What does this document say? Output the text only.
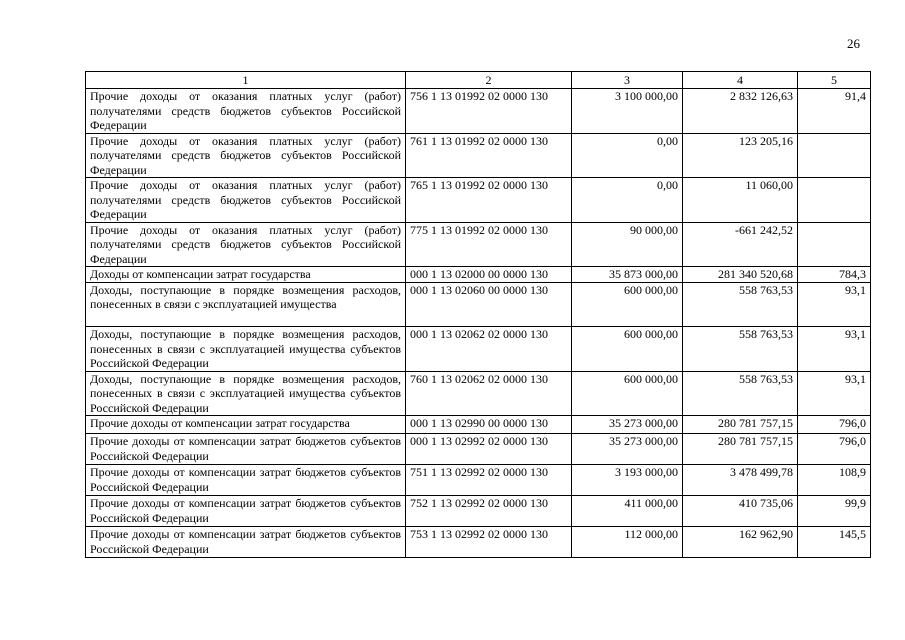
26
1	2	3	4	5
Прочие доходы от оказания платных услуг (работ) получателями средств бюджетов субъектов Российской Федерации	756 1 13 01992 02 0000 130	3 100 000,00	2 832 126,63	91,4
Прочие доходы от оказания платных услуг (работ) получателями средств бюджетов субъектов Российской Федерации	761 1 13 01992 02 0000 130	0,00	123 205,16	
Прочие доходы от оказания платных услуг (работ) получателями средств бюджетов субъектов Российской Федерации	765 1 13 01992 02 0000 130	0,00	11 060,00	
Прочие доходы от оказания платных услуг (работ) получателями средств бюджетов субъектов Российской Федерации	775 1 13 01992 02 0000 130	90 000,00	-661 242,52	
Доходы от компенсации затрат государства	000 1 13 02000 00 0000 130	35 873 000,00	281 340 520,68	784,3
Доходы, поступающие в порядке возмещения расходов, понесенных в связи с эксплуатацией имущества	000 1 13 02060 00 0000 130	600 000,00	558 763,53	93,1
Доходы, поступающие в порядке возмещения расходов, понесенных в связи с эксплуатацией имущества субъектов Российской Федерации	000 1 13 02062 02 0000 130	600 000,00	558 763,53	93,1
Доходы, поступающие в порядке возмещения расходов, понесенных в связи с эксплуатацией имущества субъектов Российской Федерации	760 1 13 02062 02 0000 130	600 000,00	558 763,53	93,1
Прочие доходы от компенсации затрат государства	000 1 13 02990 00 0000 130	35 273 000,00	280 781 757,15	796,0
Прочие доходы от компенсации затрат бюджетов субъектов Российской Федерации	000 1 13 02992 02 0000 130	35 273 000,00	280 781 757,15	796,0
Прочие доходы от компенсации затрат бюджетов субъектов Российской Федерации	751 1 13 02992 02 0000 130	3 193 000,00	3 478 499,78	108,9
Прочие доходы от компенсации затрат бюджетов субъектов Российской Федерации	752 1 13 02992 02 0000 130	411 000,00	410 735,06	99,9
Прочие доходы от компенсации затрат бюджетов субъектов Российской Федерации	753 1 13 02992 02 0000 130	112 000,00	162 962,90	145,5
